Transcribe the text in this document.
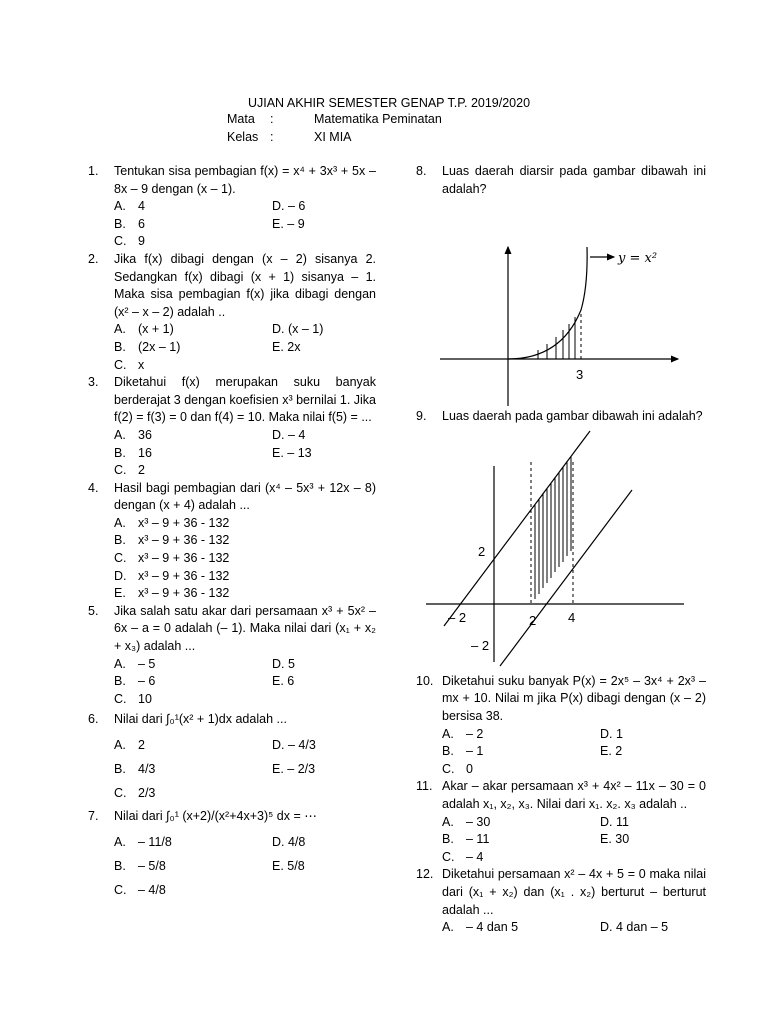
UJIAN AKHIR SEMESTER GENAP T.P. 2019/2020
Mata :	Matematika Peminatan
Kelas :	XI MIA
1. Tentukan sisa pembagian f(x) = x⁴ + 3x³ + 5x – 8x – 9 dengan (x – 1).
A. 4	D. – 6
B. 6	E. – 9
C. 9
2. Jika f(x) dibagi dengan (x – 2) sisanya 2. Sedangkan f(x) dibagi (x + 1) sisanya – 1. Maka sisa pembagian f(x) jika dibagi dengan (x² – x – 2) adalah ..
A. (x + 1)	D. (x – 1)
B. (2x – 1)	E. 2x
C. x
3. Diketahui f(x) merupakan suku banyak berderajat 3 dengan koefisien x³ bernilai 1. Jika f(2) = f(3) = 0 dan f(4) = 10. Maka nilai f(5) = ...
A. 36	D. – 4
B. 16	E. – 13
C. 2
4. Hasil bagi pembagian dari (x⁴ – 5x³ + 12x – 8) dengan (x + 4) adalah ...
A. x³ – 9 + 36 - 132
B. x³ – 9 + 36 - 132
C. x³ – 9 + 36 - 132
D. x³ – 9 + 36 - 132
E. x³ – 9 + 36 - 132
5. Jika salah satu akar dari persamaan x³ + 5x² – 6x – a = 0 adalah (– 1). Maka nilai dari (x₁ + x₂ + x₃) adalah ...
A. – 5	D. 5
B. – 6	E. 6
C. 10
6. Nilai dari ∫₀¹(x² + 1)dx adalah ...
A. 2	D. – 4/3
B. 4/3	E. – 2/3
C. 2/3
7. Nilai dari ∫₀¹ (x+2)/(x²+4x+3)⁵ dx = ⋯
A. – 11/8	D. 4/8
B. – 5/8	E. 5/8
C. – 4/8
8. Luas daerah diarsir pada gambar dibawah ini adalah?
y = x²
3
9. Luas daerah pada gambar dibawah ini adalah?
2
– 2	2 4
– 2
10. Diketahui suku banyak P(x) = 2x⁵ – 3x⁴ + 2x³ – mx + 10. Nilai m jika P(x) dibagi dengan (x – 2) bersisa 38.
A. – 2	D. 1
B. – 1	E. 2
C. 0
11. Akar – akar persamaan x³ + 4x² – 11x – 30 = 0 adalah x₁, x₂, x₃. Nilai dari x₁. x₂. x₃ adalah ..
A. – 30	D. 11
B. – 11	E. 30
C. – 4
12. Diketahui persamaan x² – 4x + 5 = 0 maka nilai dari (x₁ + x₂) dan (x₁ . x₂) berturut – berturut adalah ...
A. – 4 dan 5	D. 4 dan – 5
